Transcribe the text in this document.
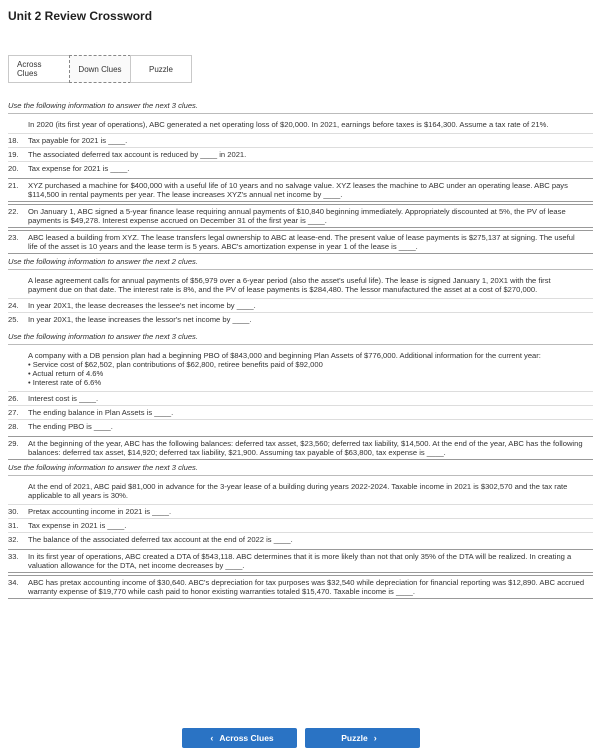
Unit 2 Review Crossword
Across Clues	Down Clues	Puzzle
Use the following information to answer the next 3 clues.
In 2020 (its first year of operations), ABC generated a net operating loss of $20,000. In 2021, earnings before taxes is $164,300. Assume a tax rate of 21%.
18.	Tax payable for 2021 is ____.
19.	The associated deferred tax account is reduced by ____ in 2021.
20.	Tax expense for 2021 is ____.
21.	XYZ purchased a machine for $400,000 with a useful life of 10 years and no salvage value. XYZ leases the machine to ABC under an operating lease. ABC pays $114,500 in rental payments per year. The lease increases XYZ's annual net income by ____.
22.	On January 1, ABC signed a 5-year finance lease requiring annual payments of $10,840 beginning immediately. Appropriately discounted at 5%, the PV of lease payments is $49,278. Interest expense accrued on December 31 of the first year is ____.
23.	ABC leased a building from XYZ. The lease transfers legal ownership to ABC at lease-end. The present value of lease payments is $275,137 at signing. The useful life of the asset is 10 years and the lease term is 5 years. ABC's amortization expense in year 1 of the lease is ____.
Use the following information to answer the next 2 clues.
A lease agreement calls for annual payments of $56,979 over a 6-year period (also the asset's useful life). The lease is signed January 1, 20X1 with the first payment due on that date. The interest rate is 8%, and the PV of lease payments is $284,480. The lessor manufactured the asset at a cost of $270,000.
24.	In year 20X1, the lease decreases the lessee's net income by ____.
25.	In year 20X1, the lease increases the lessor's net income by ____.
Use the following information to answer the next 3 clues.
A company with a DB pension plan had a beginning PBO of $843,000 and beginning Plan Assets of $776,000. Additional information for the current year:
• Service cost of $62,502, plan contributions of $62,800, retiree benefits paid of $92,000
• Actual return of 4.6%
• Interest rate of 6.6%
26.	Interest cost is ____.
27.	The ending balance in Plan Assets is ____.
28.	The ending PBO is ____.
29.	At the beginning of the year, ABC has the following balances: deferred tax asset, $23,560; deferred tax liability, $14,500. At the end of the year, ABC has the following balances: deferred tax asset, $14,920; deferred tax liability, $21,900. Assuming tax payable of $63,800, tax expense is ____.
Use the following information to answer the next 3 clues.
At the end of 2021, ABC paid $81,000 in advance for the 3-year lease of a building during years 2022-2024. Taxable income in 2021 is $302,570 and the tax rate applicable to all years is 30%.
30.	Pretax accounting income in 2021 is ____.
31.	Tax expense in 2021 is ____.
32.	The balance of the associated deferred tax account at the end of 2022 is ____.
33.	In its first year of operations, ABC created a DTA of $543,118. ABC determines that it is more likely than not that only 35% of the DTA will be realized. In creating a valuation allowance for the DTA, net income decreases by ____.
34.	ABC has pretax accounting income of $30,640. ABC's depreciation for tax purposes was $32,540 while depreciation for financial reporting was $12,890. ABC accrued warranty expense of $19,770 while cash paid to honor existing warranties totaled $15,470. Taxable income is ____.
‹ Across Clues	Puzzle ›
